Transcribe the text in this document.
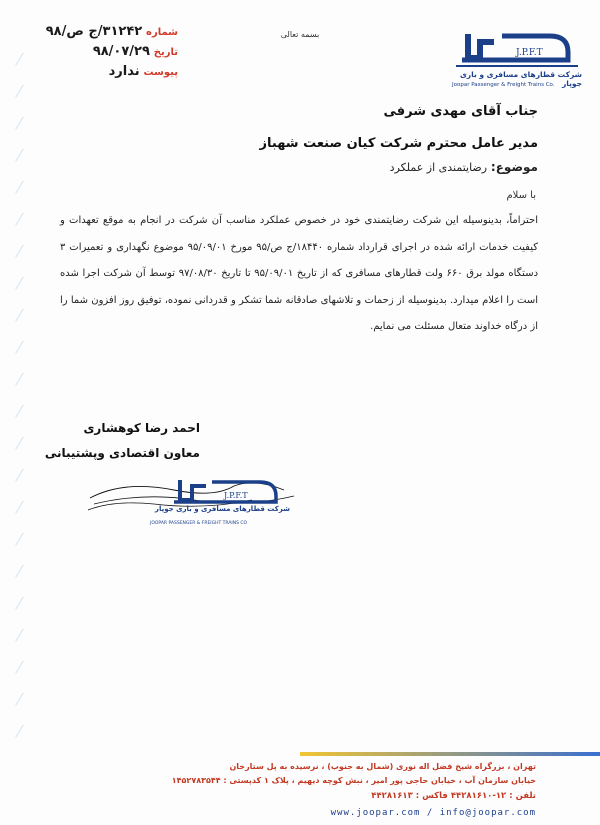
───
───
───
───
───
───
───
───
───
───
───
───
───
───
───
───
───
───
───
───
───
───
شماره ۳۱۲۴۲/ج ص/۹۸
تاریخ ۹۸/۰۷/۲۹
پیوست ندارد
بسمه تعالی
J.P.F.T
شرکت قطارهای مسافری و باری جوپار
Joopar Passenger & Freight Trains Co.
جناب آقای مهدی شرفی
مدیر عامل محترم شرکت کیان صنعت شهباز
موضوع: رضایتمندی از عملکرد
با سلام

احتراماً، بدینوسیله این شرکت رضایتمندی خود در خصوص عملکرد مناسب آن شرکت در انجام به موقع تعهدات و کیفیت خدمات ارائه شده در اجرای قرارداد شماره ۱۸۴۴۰/ج ص/۹۵ مورخ ۹۵/۰۹/۰۱ موضوع نگهداری و تعمیرات ۳ دستگاه مولد برق ۶۶۰ ولت قطارهای مسافری که از تاریخ ۹۵/۰۹/۰۱ تا تاریخ ۹۷/۰۸/۳۰ توسط آن شرکت اجرا شده است را اعلام میدارد. بدینوسیله از زحمات و تلاشهای صادقانه شما تشکر و قدردانی نموده، توفیق روز افزون شما را از درگاه خداوند متعال مسئلت می نمایم.

احمد رضا کوهشاری
معاون اقتصادی وپشتیبانی
J.P.F.T
شرکت قطارهای مسافری و باری جوپار
JOOPAR PASSENGER & FREIGHT TRAINS CO
تهران ، بزرگراه شیخ فضل اله نوری (شمال به جنوب) ، نرسیده به پل ستارخان
خیابان سازمان آب ، خیابان حاجی پور امیر ، نبش کوچه دیهیم ، پلاک ۱ کدپستی : ۱۴۵۲۷۸۳۵۴۴
تلفن : ۱۲-۴۴۲۸۱۶۱۰ فاکس : ۴۴۲۸۱۶۱۳
www.joopar.com / info@joopar.com
